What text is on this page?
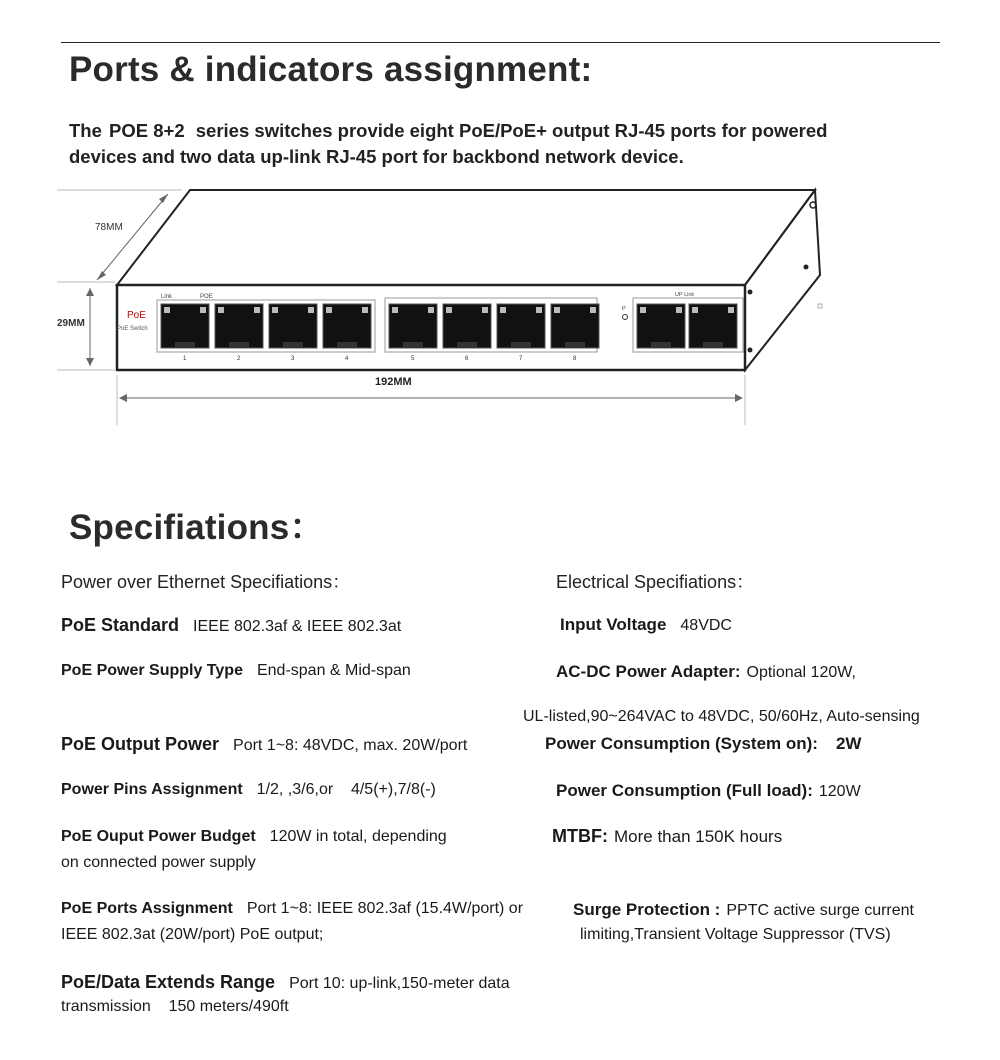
Ports & indicators assignment:
The POE 8+2 series switches provide eight PoE/PoE+ output RJ-45 ports for powered
devices and two data up-link RJ-45 port for backbond network device.
78MM
29MM
192MM
PoE
PoE Switch
Link	POE	UP Link
P
1	2	3	4	5	6	7	8
Specifiations：
Power over Ethernet Specifiations：	Electrical Specifiations：
PoE Standard IEEE 802.3af & IEEE 802.3at
PoE Power Supply Type End-span & Mid-span
PoE Output Power Port 1~8: 48VDC, max. 20W/port
Power Pins Assignment 1/2, ,3/6,or    4/5(+),7/8(-)
PoE Ouput Power Budget 120W in total, depending
on connected power supply
PoE Ports Assignment Port 1~8: IEEE 802.3af (15.4W/port) or
IEEE 802.3at (20W/port) PoE output;
PoE/Data Extends Range Port 10: up-link,150-meter data
transmission    150 meters/490ft
Input Voltage 48VDC
AC-DC Power Adapter: Optional 120W,
UL-listed,90~264VAC to 48VDC, 50/60Hz, Auto-sensing
Power Consumption (System on): 2W
Power Consumption (Full load): 120W
MTBF: More than 150K hours
Surge Protection : PPTC active surge current
limiting,Transient Voltage Suppressor (TVS)
